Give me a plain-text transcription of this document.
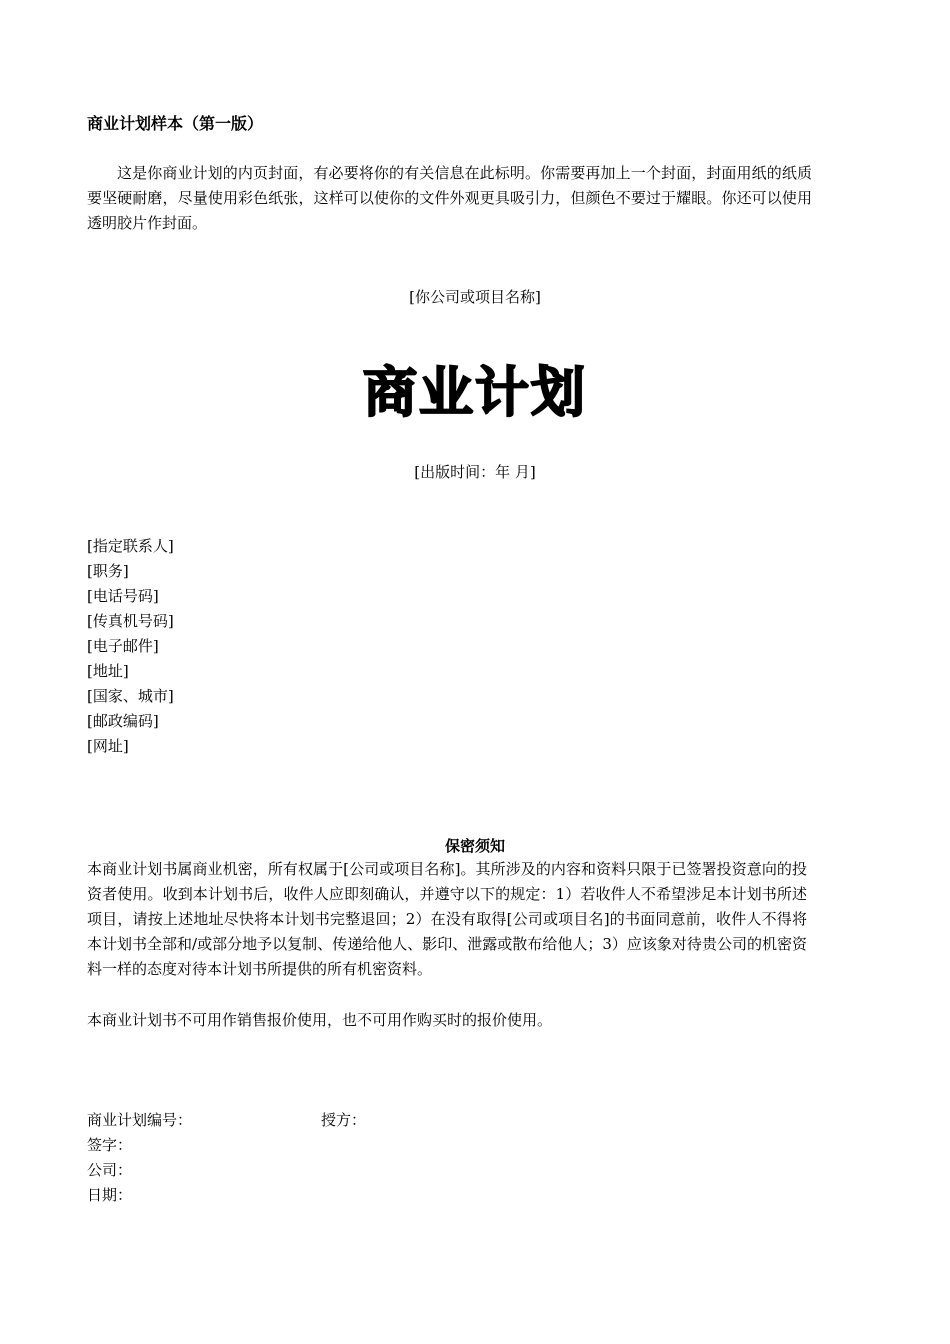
商业计划样本（第一版）

这是你商业计划的内页封面，有必要将你的有关信息在此标明。你需要再加上一个封面，封面用纸的纸质要坚硬耐磨，尽量使用彩色纸张，这样可以使你的文件外观更具吸引力，但颜色不要过于耀眼。你还可以使用透明胶片作封面。

[你公司或项目名称]
商业计划
[出版时间：年 月]
[指定联系人]
[职务]
[电话号码]
[传真机号码]
[电子邮件]
[地址]
[国家、城市]
[邮政编码]
[网址]
保密须知

本商业计划书属商业机密，所有权属于[公司或项目名称]。其所涉及的内容和资料只限于已签署投资意向的投资者使用。收到本计划书后，收件人应即刻确认，并遵守以下的规定：1）若收件人不希望涉足本计划书所述项目，请按上述地址尽快将本计划书完整退回；2）在没有取得[公司或项目名]的书面同意前，收件人不得将本计划书全部和/或部分地予以复制、传递给他人、影印、泄露或散布给他人；3）应该象对待贵公司的机密资料一样的态度对待本计划书所提供的所有机密资料。

本商业计划书不可用作销售报价使用，也不可用作购买时的报价使用。
商业计划编号：	授方：
签字：
公司：
日期：
